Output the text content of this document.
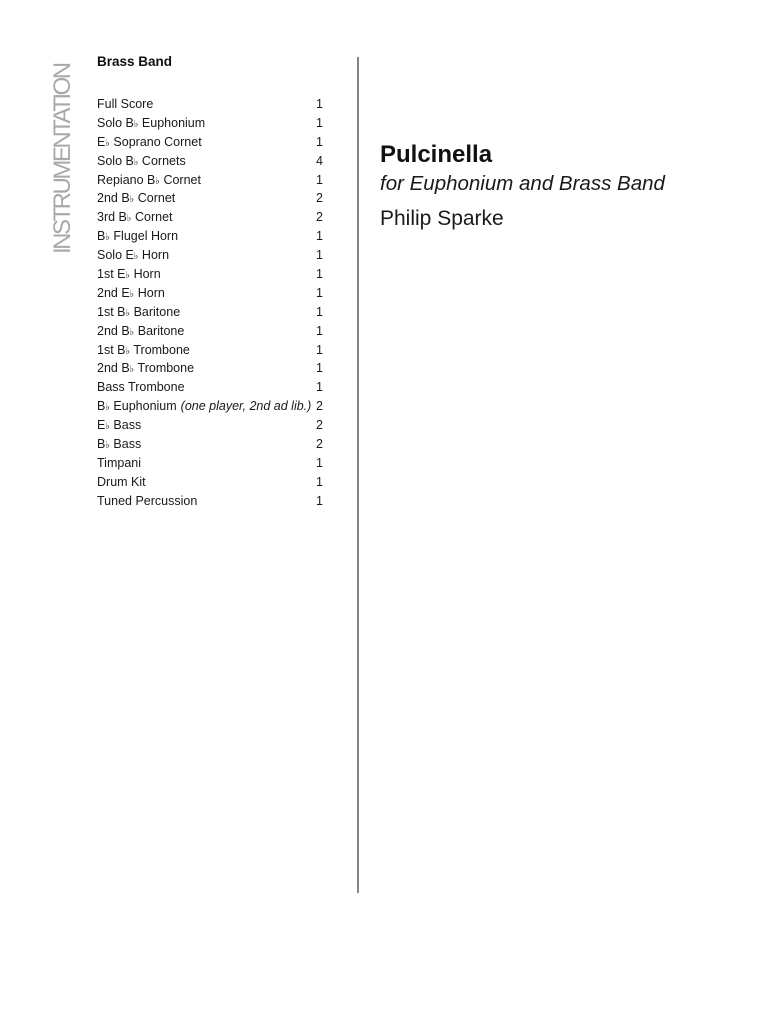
INSTRUMENTATION
Brass Band
Full Score	1
Solo B♭ Euphonium	1
E♭ Soprano Cornet	1
Solo B♭ Cornets	4
Repiano B♭ Cornet	1
2nd B♭ Cornet	2
3rd B♭ Cornet	2
B♭ Flugel Horn	1
Solo E♭ Horn	1
1st E♭ Horn	1
2nd E♭ Horn	1
1st B♭ Baritone	1
2nd B♭ Baritone	1
1st B♭ Trombone	1
2nd B♭ Trombone	1
Bass Trombone	1
B♭ Euphonium (one player, 2nd ad lib.) 2
E♭ Bass	2
B♭ Bass	2
Timpani	1
Drum Kit	1
Tuned Percussion	1
Pulcinella
for Euphonium and Brass Band
Philip Sparke
